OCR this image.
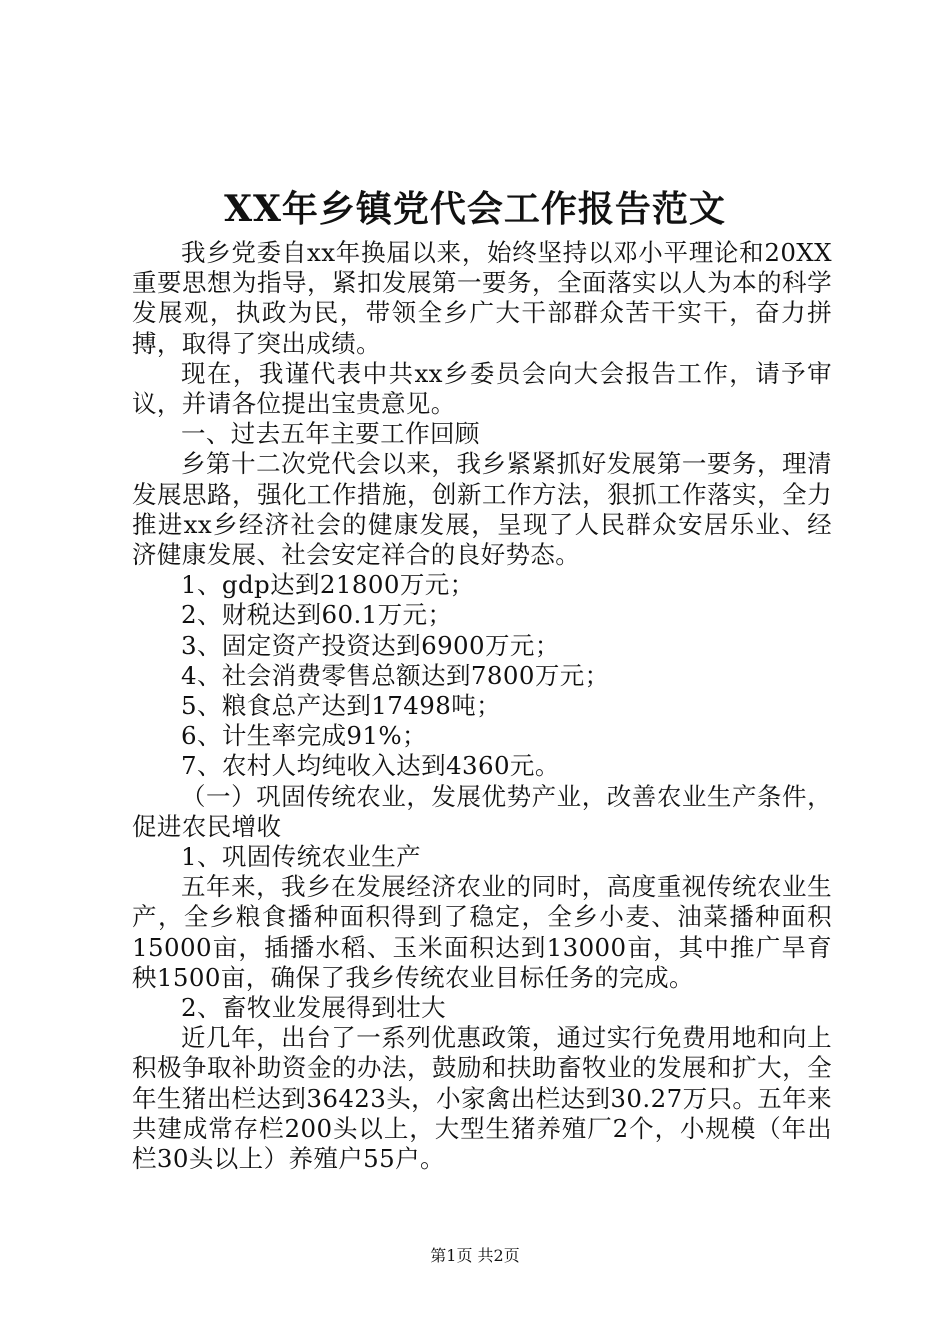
XX年乡镇党代会工作报告范文

我乡党委自xx年换届以来，始终坚持以邓小平理论和20XX重要思想为指导，紧扣发展第一要务，全面落实以人为本的科学发展观，执政为民，带领全乡广大干部群众苦干实干，奋力拼搏，取得了突出成绩。

现在，我谨代表中共xx乡委员会向大会报告工作，请予审议，并请各位提出宝贵意见。

一、过去五年主要工作回顾

乡第十二次党代会以来，我乡紧紧抓好发展第一要务，理清发展思路，强化工作措施，创新工作方法，狠抓工作落实，全力推进xx乡经济社会的健康发展，呈现了人民群众安居乐业、经济健康发展、社会安定祥合的良好势态。

1、gdp达到21800万元；

2、财税达到60.1万元；

3、固定资产投资达到6900万元；

4、社会消费零售总额达到7800万元；

5、粮食总产达到17498吨；

6、计生率完成91%；

7、农村人均纯收入达到4360元。

（一）巩固传统农业，发展优势产业，改善农业生产条件，促进农民增收

1、巩固传统农业生产

五年来，我乡在发展经济农业的同时，高度重视传统农业生产，全乡粮食播种面积得到了稳定，全乡小麦、油菜播种面积15000亩，插播水稻、玉米面积达到13000亩，其中推广旱育秧1500亩，确保了我乡传统农业目标任务的完成。

2、畜牧业发展得到壮大

近几年，出台了一系列优惠政策，通过实行免费用地和向上积极争取补助资金的办法，鼓励和扶助畜牧业的发展和扩大，全年生猪出栏达到36423头，小家禽出栏达到30.27万只。五年来共建成常存栏200头以上，大型生猪养殖厂2个，小规模（年出栏30头以上）养殖户55户。

第1页 共2页
